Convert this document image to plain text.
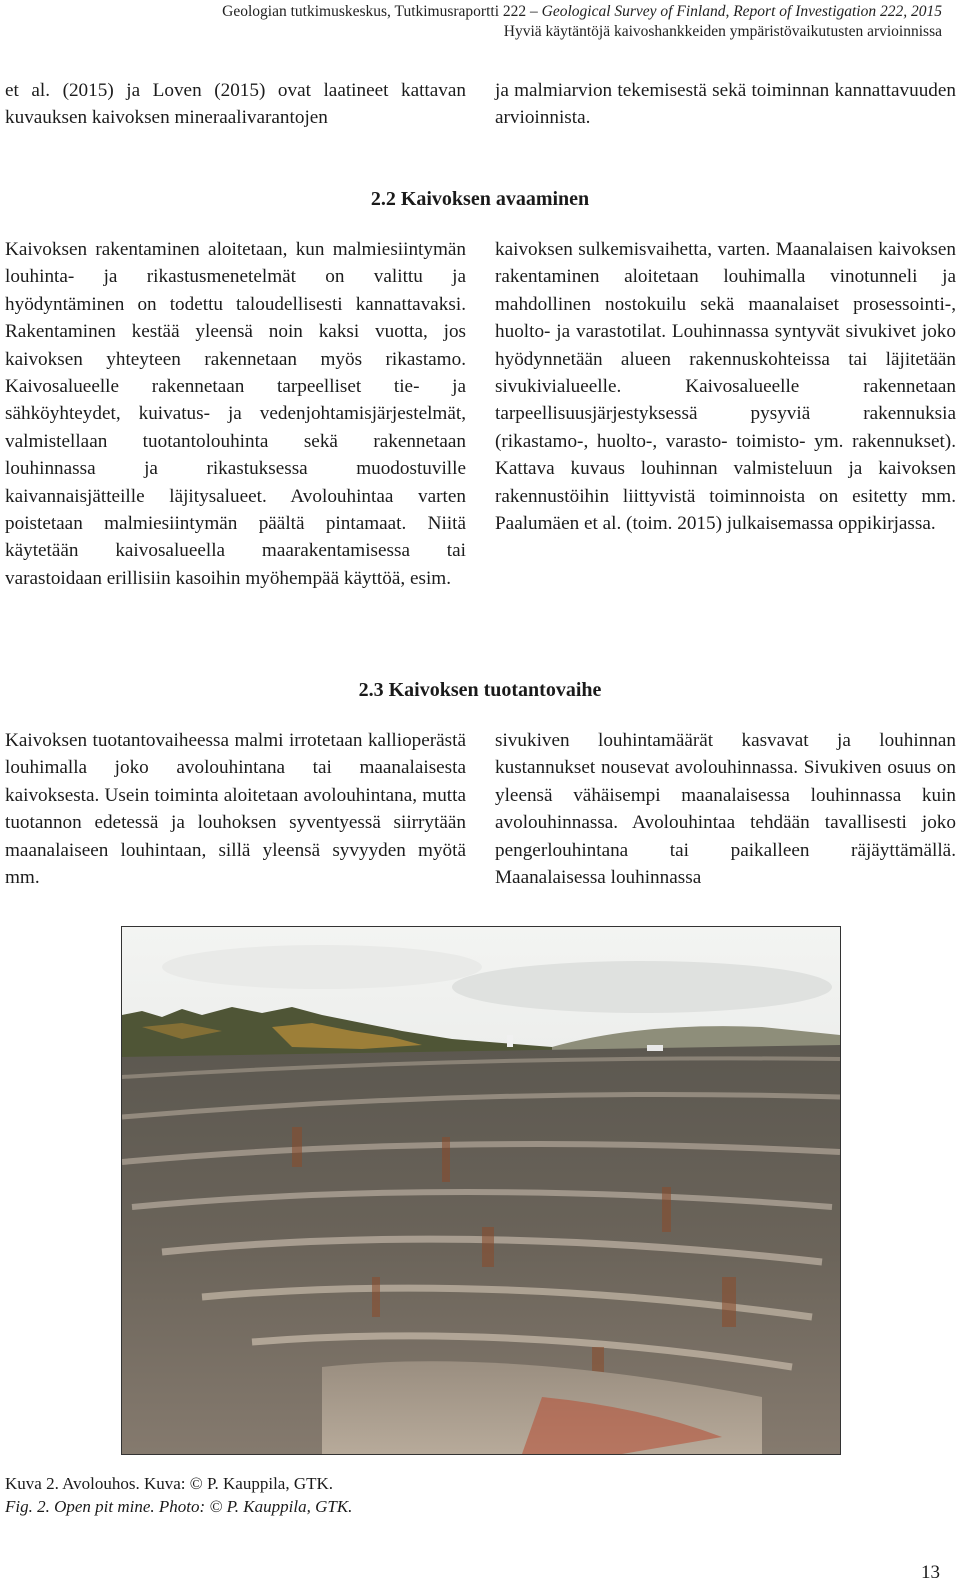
Geologian tutkimuskeskus, Tutkimusraportti 222 – Geological Survey of Finland, Report of Investigation 222, 2015
Hyviä käytäntöjä kaivoshankkeiden ympäristövaikutusten arvioinnissa

et al. (2015) ja Loven (2015) ovat laatineet kattavan kuvauksen kaivoksen mineraalivarantojen

ja malmiarvion tekemisestä sekä toiminnan kannattavuuden arvioinnista.

2.2 Kaivoksen avaaminen

Kaivoksen rakentaminen aloitetaan, kun malmiesiintymän louhinta- ja rikastusmenetelmät on valittu ja hyödyntäminen on todettu taloudellisesti kannattavaksi. Rakentaminen kestää yleensä noin kaksi vuotta, jos kaivoksen yhteyteen rakennetaan myös rikastamo. Kaivosalueelle rakennetaan tarpeelliset tie- ja sähköyhteydet, kuivatus- ja vedenjohtamisjärjestelmät, valmistellaan tuotantolouhinta sekä rakennetaan louhinnassa ja rikastuksessa muodostuville kaivannaisjätteille läjitysalueet. Avolouhintaa varten poistetaan malmiesiintymän päältä pintamaat. Niitä käytetään kaivosalueella maarakentamisessa tai varastoidaan erillisiin kasoihin myöhempää käyttöä, esim.

kaivoksen sulkemisvaihetta, varten. Maanalaisen kaivoksen rakentaminen aloitetaan louhimalla vinotunneli ja mahdollinen nostokuilu sekä maanalaiset prosessointi-, huolto- ja varastotilat. Louhinnassa syntyvät sivukivet joko hyödynnetään alueen rakennuskohteissa tai läjitetään sivukivialueelle. Kaivosalueelle rakennetaan tarpeellisuusjärjestyksessä pysyviä rakennuksia (rikastamo-, huolto-, varasto- toimisto- ym. rakennukset). Kattava kuvaus louhinnan valmisteluun ja kaivoksen rakennustöihin liittyvistä toiminnoista on esitetty mm. Paalumäen et al. (toim. 2015) julkaisemassa oppikirjassa.

2.3 Kaivoksen tuotantovaihe

Kaivoksen tuotantovaiheessa malmi irrotetaan kallioperästä louhimalla joko avolouhintana tai maanalaisesta kaivoksesta. Usein toiminta aloitetaan avolouhintana, mutta tuotannon edetessä ja louhoksen syventyessä siirrytään maanalaiseen louhintaan, sillä yleensä syvyyden myötä mm.

sivukiven louhintamäärät kasvavat ja louhinnan kustannukset nousevat avolouhinnassa. Sivukiven osuus on yleensä vähäisempi maanalaisessa louhinnassa kuin avolouhinnassa. Avolouhintaa tehdään tavallisesti joko pengerlouhintana tai paikalleen räjäyttämällä. Maanalaisessa louhinnassa

Kuva 2. Avolouhos. Kuva: © P. Kauppila, GTK.
Fig. 2. Open pit mine. Photo: © P. Kauppila, GTK.
13
